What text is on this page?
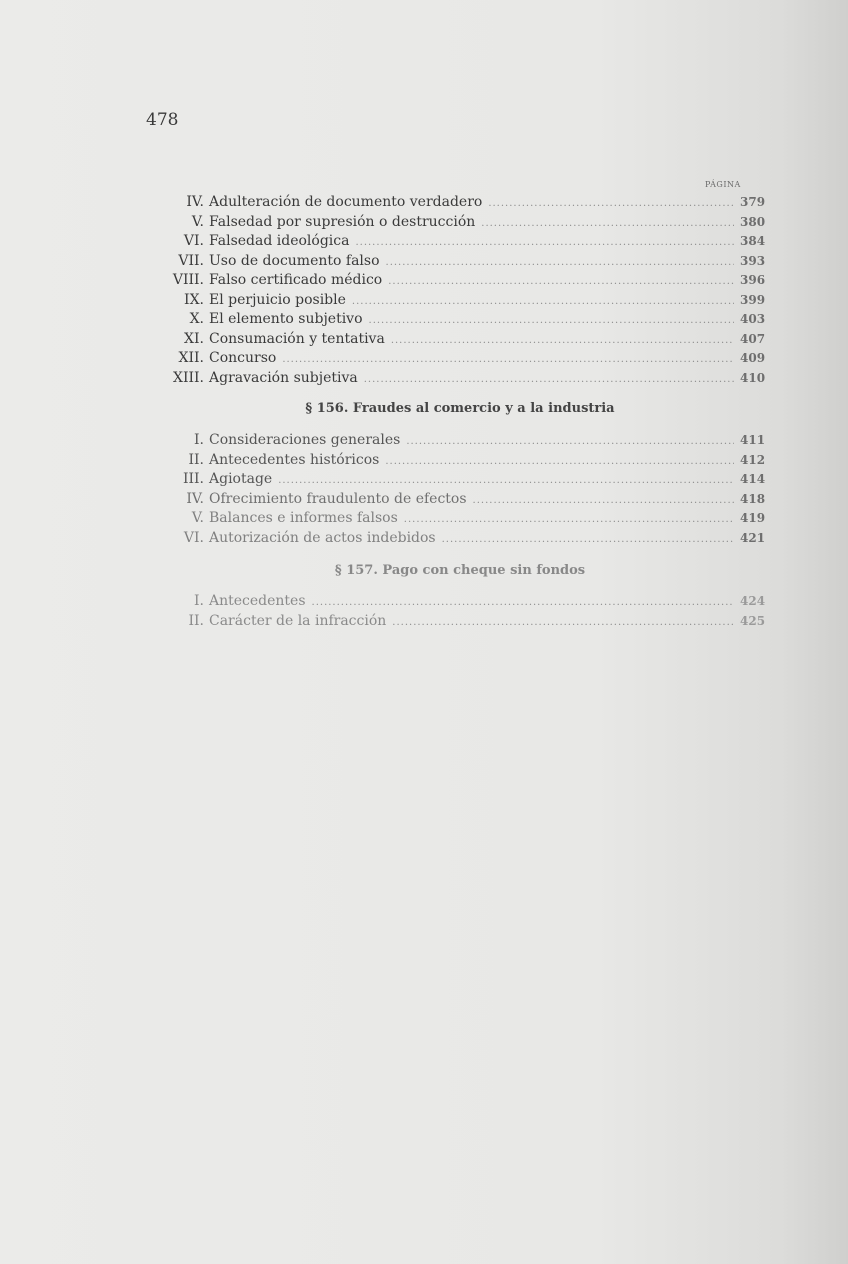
478
PÁGINA
IV. Adulteración de documento verdadero .....	379
V. Falsedad por supresión o destrucción .....	380
VI. Falsedad ideológica .....	384
VII. Uso de documento falso .....	393
VIII. Falso certificado médico .....	396
IX. El perjuicio posible .....	399
X. El elemento subjetivo .....	403
XI. Consumación y tentativa .....	407
XII. Concurso .....	409
XIII. Agravación subjetiva .....	410
§ 156. Fraudes al comercio y a la industria
I. Consideraciones generales .....	411
II. Antecedentes históricos .....	412
III. Agiotage .....	414
IV. Ofrecimiento fraudulento de efectos .....	418
V. Balances e informes falsos .....	419
VI. Autorización de actos indebidos .....	421
§ 157. Pago con cheque sin fondos
I. Antecedentes .....	424
II. Carácter de la infracción .....	425
